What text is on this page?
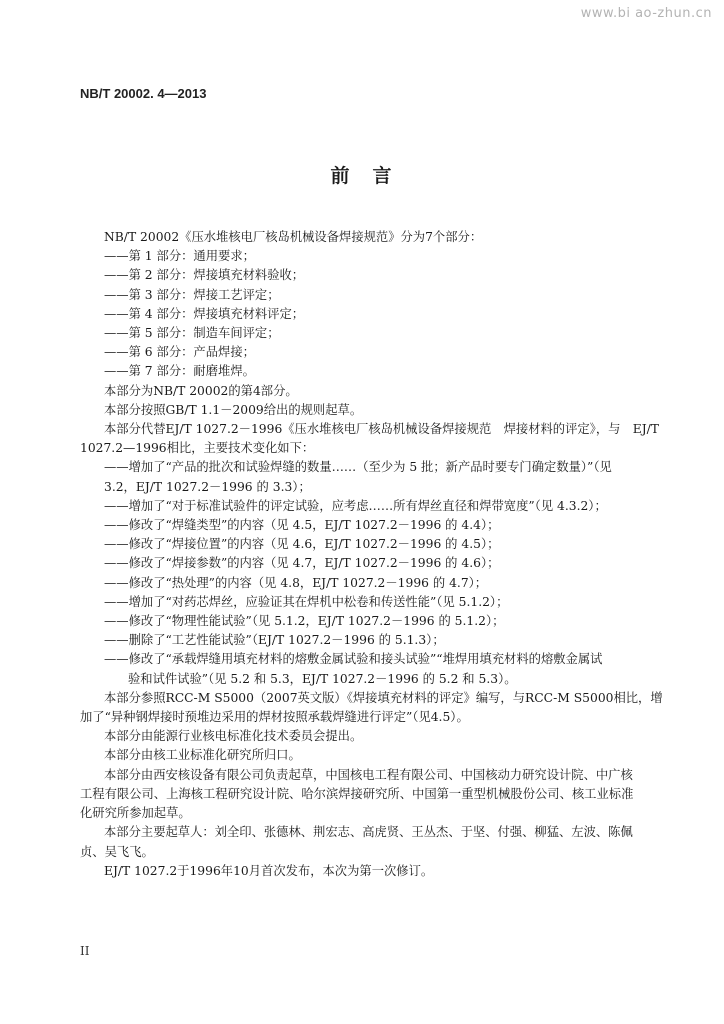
www.bi ao-zhun.cn
NB/T 20002. 4—2013
前　言

NB/T 20002《压水堆核电厂核岛机械设备焊接规范》分为7个部分：

——第 1 部分：通用要求；

——第 2 部分：焊接填充材料验收；

——第 3 部分：焊接工艺评定；

——第 4 部分：焊接填充材料评定；

——第 5 部分：制造车间评定；

——第 6 部分：产品焊接；

——第 7 部分：耐磨堆焊。

本部分为NB/T 20002的第4部分。

本部分按照GB/T 1.1－2009给出的规则起草。

本部分代替EJ/T 1027.2－1996《压水堆核电厂核岛机械设备焊接规范　焊接材料的评定》，与　EJ/T

1027.2—1996相比，主要技术变化如下：

——增加了“产品的批次和试验焊缝的数量……（至少为 5 批；新产品时要专门确定数量）”（见

3.2，EJ/T 1027.2－1996 的 3.3）；

——增加了“对于标准试验件的评定试验，应考虑……所有焊丝直径和焊带宽度”（见 4.3.2）；

——修改了“焊缝类型”的内容（见 4.5，EJ/T 1027.2－1996 的 4.4）；

——修改了“焊接位置”的内容（见 4.6，EJ/T 1027.2－1996 的 4.5）；

——修改了“焊接参数”的内容（见 4.7，EJ/T 1027.2－1996 的 4.6）；

——修改了“热处理”的内容（见 4.8，EJ/T 1027.2－1996 的 4.7）；

——增加了“对药芯焊丝，应验证其在焊机中松卷和传送性能”（见 5.1.2）；

——修改了“物理性能试验”（见 5.1.2，EJ/T 1027.2－1996 的 5.1.2）；

——删除了“工艺性能试验”（EJ/T 1027.2－1996 的 5.1.3）；

——修改了“承载焊缝用填充材料的熔敷金属试验和接头试验”“堆焊用填充材料的熔敷金属试

验和试件试验”（见 5.2 和 5.3，EJ/T 1027.2－1996 的 5.2 和 5.3）。

本部分参照RCC-M S5000（2007英文版）《焊接填充材料的评定》编写，与RCC-M S5000相比，增

加了“异种钢焊接时预堆边采用的焊材按照承载焊缝进行评定”（见4.5）。

本部分由能源行业核电标准化技术委员会提出。

本部分由核工业标准化研究所归口。

本部分由西安核设备有限公司负责起草，中国核电工程有限公司、中国核动力研究设计院、中广核

工程有限公司、上海核工程研究设计院、哈尔滨焊接研究所、中国第一重型机械股份公司、核工业标准

化研究所参加起草。

本部分主要起草人：刘全印、张德林、荆宏志、高虎贤、王丛杰、于坚、付强、柳猛、左波、陈佩

贞、吴飞飞。

EJ/T 1027.2于1996年10月首次发布，本次为第一次修订。

II
